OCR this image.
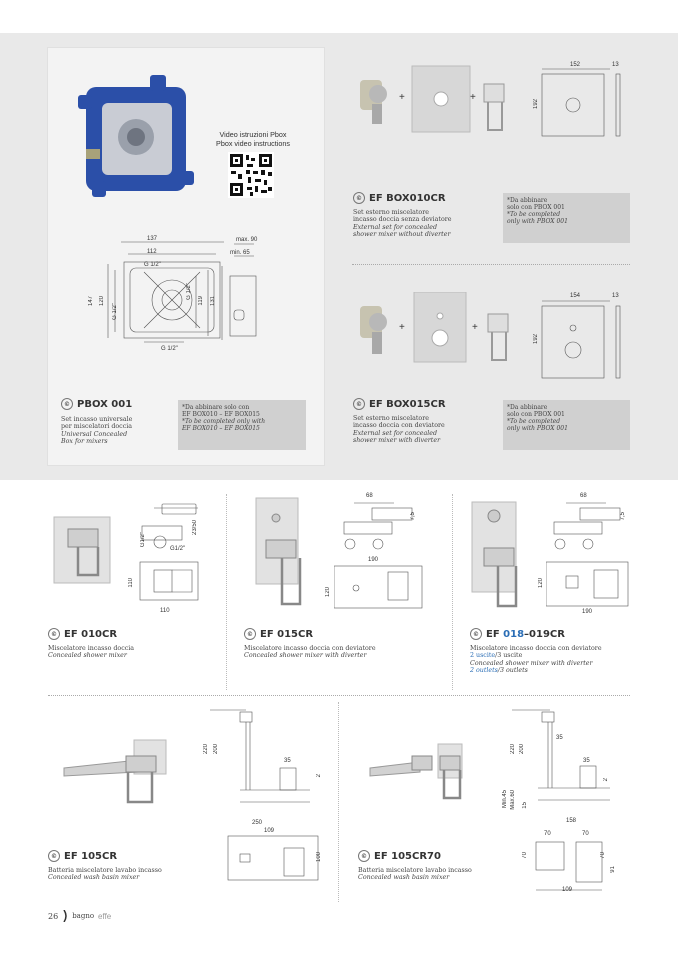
Video istruzioni Pbox
Pbox video instructions
137
112
max. 90
min. 65
G 1/2"
G 1/2"
147 120
G 1/2"
G 1/2"
119 131
© PBOX 001
Set incasso universale
per miscelatori doccia
Universal Concealed
Box for mixers
*Da abbinare solo con
EF BOX010 – EF BOX015
*To be completed only with
EF BOX010 – EF BOX015
+	+
152	13
192
© EF BOX010CR
Set esterno miscelatore
incasso doccia senza deviatore
External set for concealed
shower mixer without diverter
*Da abbinare
solo con PBOX 001
*To be completed
only with PBOX 001
+	+
154	13
192
© EF BOX015CR
Set esterno miscelatore
incasso doccia con deviatore
External set for concealed
shower mixer with diverter
*Da abbinare
solo con PBOX 001
*To be completed
only with PBOX 001
G1/2"
G1/2"
23/50
110
110
© EF 010CR
Miscelatore incasso doccia
Concealed shower mixer
68
7,5
190
120
© EF 015CR
Miscelatore incasso doccia con deviatore
Concealed shower mixer with diverter
68
7,5
120
190
© EF 018–019CR
Miscelatore incasso doccia con deviatore
2 uscite/3 uscite
Concealed shower mixer with diverter
2 outlets/3 outlets
220 200
35
2
250
109
100
© EF 105CR
Batteria miscelatore lavabo incasso
Concealed wash basin mixer
220 200
35
35
2
Min.45 Max.60 15
158
70	70
70
91
109
70
© EF 105CR70
Batteria miscelatore lavabo incasso
Concealed wash basin mixer
26 bagno effe
